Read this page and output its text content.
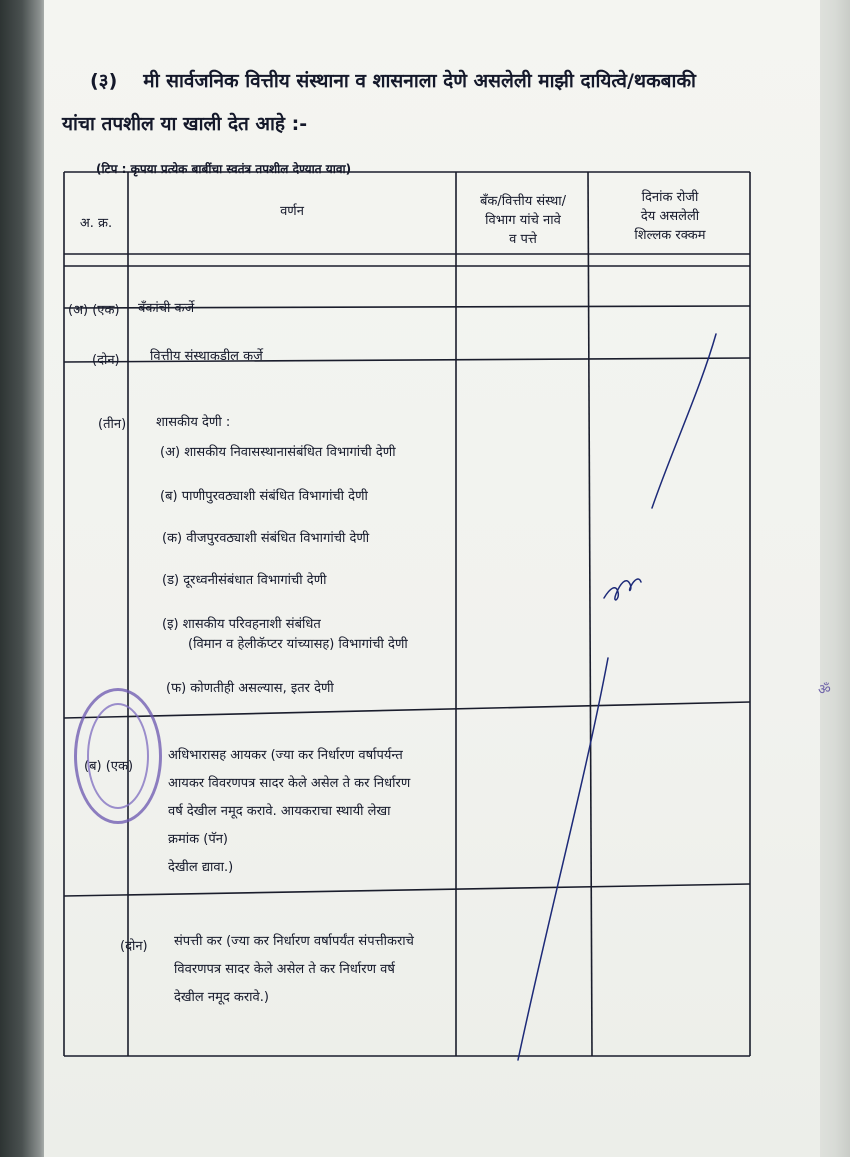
(३) मी सार्वजनिक वित्तीय संस्थाना व शासनाला देणे असलेली माझी दायित्वे/थकबाकी
यांचा तपशील या खाली देत आहे :-
(टिप : कृपया प्रत्येक बाबींचा स्वतंत्र तपशील देण्यात यावा)
अ. क्र.
वर्णन
बँक/वित्तीय संस्था/
विभाग यांचे नावे
व पत्ते
दिनांक रोजी
देय असलेली
शिल्लक रक्कम
(अ) (एक) बँकांची कर्जे
(दोन) वित्तीय संस्थाकडील कर्जे
(तीन) शासकीय देणी :
(अ) शासकीय निवासस्थानासंबंधित विभागांची देणी
(ब) पाणीपुरवठ्याशी संबंधित विभागांची देणी
(क) वीजपुरवठ्याशी संबंधित विभागांची देणी
(ड) दूरध्वनीसंबंधात विभागांची देणी
(इ) शासकीय परिवहनाशी संबंधित
(विमान व हेलीकॅप्टर यांच्यासह) विभागांची देणी
(फ) कोणतीही असल्यास, इतर देणी
(ब) (एक)
अधिभारासह आयकर (ज्या कर निर्धारण वर्षापर्यन्त
आयकर विवरणपत्र सादर केले असेल ते कर निर्धारण
वर्ष देखील नमूद करावे. आयकराचा स्थायी लेखा
क्रमांक (पॅन)
देखील द्यावा.)
(दोन) संपत्ती कर (ज्या कर निर्धारण वर्षापर्यंत संपत्तीकराचे
विवरणपत्र सादर केले असेल ते कर निर्धारण वर्ष
देखील नमूद करावे.)
ॐ
